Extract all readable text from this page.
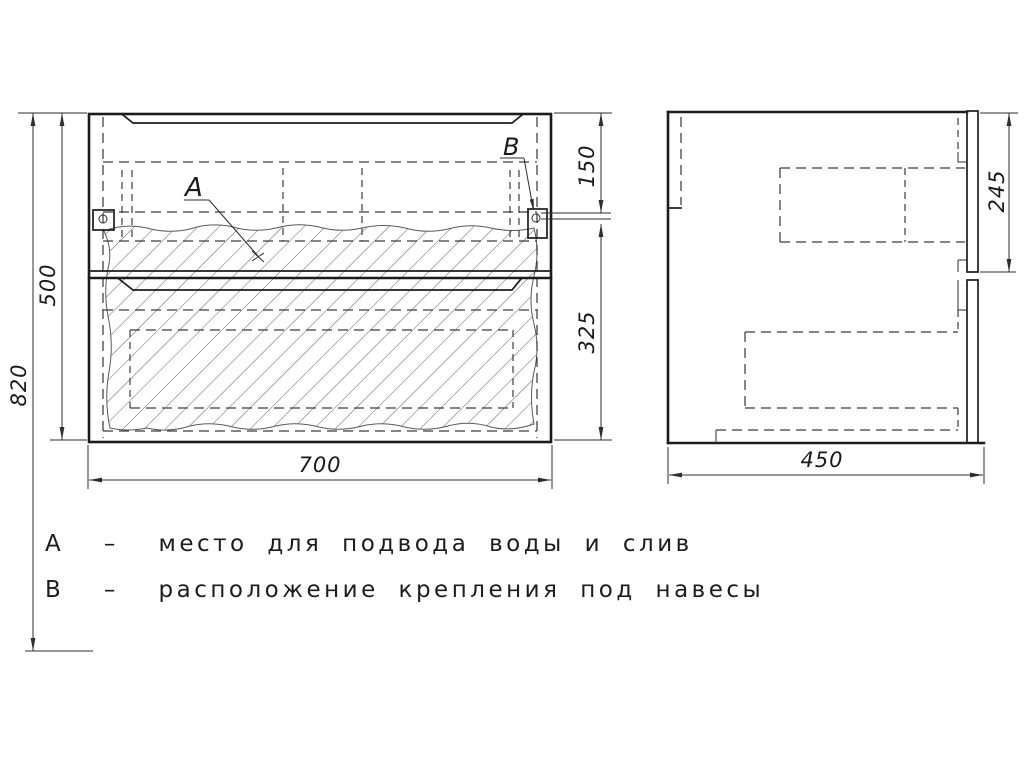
820
500
150
325
700	450
245
А
В
А  –  место для подвода воды и слив
В  –  расположение крепления под навесы
